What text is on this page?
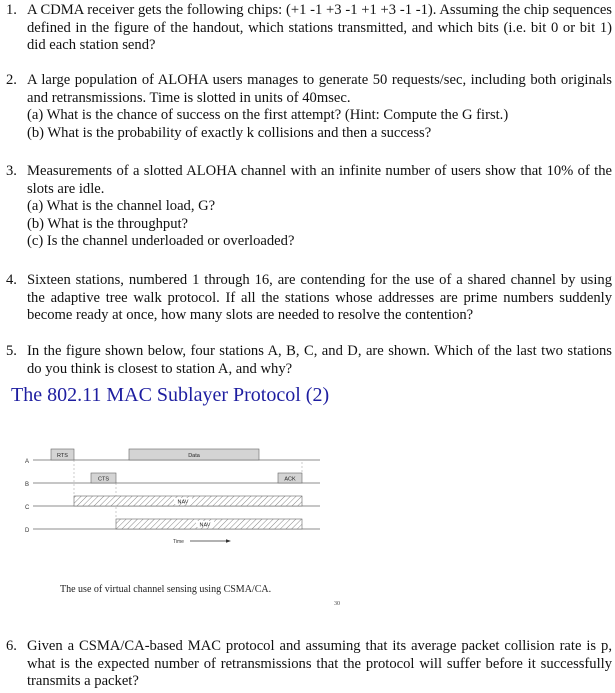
1. A CDMA receiver gets the following chips: (+1 -1 +3 -1 +1 +3 -1 -1). Assuming the chip sequences defined in the figure of the handout, which stations transmitted, and which bits (i.e. bit 0 or bit 1) did each station send?
2. A large population of ALOHA users manages to generate 50 requests/sec, including both originals and retransmissions. Time is slotted in units of 40msec.
(a) What is the chance of success on the first attempt? (Hint: Compute the G first.)
(b) What is the probability of exactly k collisions and then a success?
3. Measurements of a slotted ALOHA channel with an infinite number of users show that 10% of the slots are idle.
(a) What is the channel load, G?
(b) What is the throughput?
(c) Is the channel underloaded or overloaded?
4. Sixteen stations, numbered 1 through 16, are contending for the use of a shared channel by using the adaptive tree walk protocol. If all the stations whose addresses are prime numbers suddenly become ready at once, how many slots are needed to resolve the contention?
5. In the figure shown below, four stations A, B, C, and D, are shown. Which of the last two stations do you think is closest to station A, and why?
The 802.11 MAC Sublayer Protocol (2)
A
B
C
D
RTS	Data
CTS	ACK
NAV
NAV
Time
The use of virtual channel sensing using CSMA/CA.
30
6. Given a CSMA/CA-based MAC protocol and assuming that its average packet collision rate is p, what is the expected number of retransmissions that the protocol will suffer before it successfully transmits a packet?
